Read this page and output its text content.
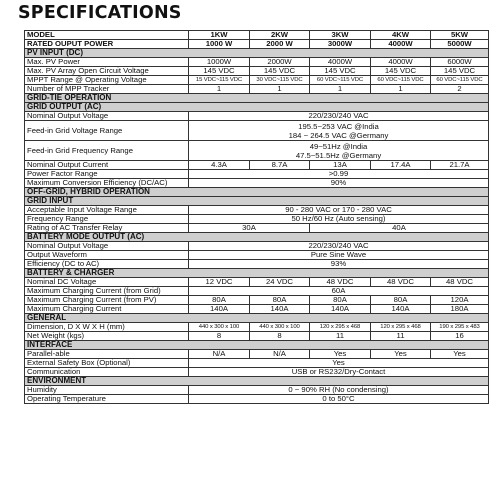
SPECIFICATIONS
MODEL	1KW	2KW	3KW	4KW	5KW
RATED OUPUT POWER	1000 W	2000 W	3000W	4000W	5000W
PV INPUT (DC)					
Max. PV Power	1000W	2000W	4000W	4000W	6000W
Max. PV Array Open Circuit Voltage	145 VDC	145 VDC	145 VDC	145 VDC	145 VDC
MPPT Range @ Operating Voltage	15 VDC~115 VDC	30 VDC~115 VDC	60 VDC~115 VDC	60 VDC~115 VDC	60 VDC~115 VDC
Number of MPP Tracker	1	1	1	1	2
GRID-TIE OPERATION					
GRID OUTPUT (AC)					
Nominal Output Voltage	220/230/240 VAC				
Feed-in Grid Voltage Range	195.5~253 VAC @India
184 ~ 264.5 VAC @Germany				

Feed-in Grid Frequency Range	49~51Hz @India
47.5~51.5Hz @Germany				

Nominal Output Current	4.3A	8.7A	13A	17.4A	21.7A
Power Factor Range	>0.99				
Maximum Conversion Efficiency (DC/AC)	90%				
OFF-GRID, HYBRID OPERATION					
GRID INPUT					
Acceptable Input Voltage Range	90 - 280 VAC or 170 - 280 VAC				
Frequency Range	50 Hz/60 Hz (Auto sensing)				
Rating of AC Transfer Relay	30A		40A		
BATTERY MODE OUTPUT (AC)					
Nominal Output Voltage	220/230/240 VAC				
Output Waveform	Pure Sine Wave				
Efficiency (DC to AC)	93%				
BATTERY & CHARGER					
Nominal DC Voltage	12 VDC	24 VDC	48 VDC	48 VDC	48 VDC
Maximum Charging Current (from Grid)	60A				
Maximum Charging Current (from PV)	80A	80A	80A	80A	120A
Maximum Charging Current	140A	140A	140A	140A	180A
GENERAL					
Dimension, D X W X H (mm)	440 x 300 x 100	440 x 300 x 100	120 x 295 x 468	120 x 295 x 468	190 x 295 x 483
Net Weight (kgs)	8	8	11	11	16
INTERFACE					
Parallel-able	N/A	N/A	Yes	Yes	Yes
External Safety Box (Optional)	Yes				
Communication	USB or RS232/Dry-Contact				
ENVIRONMENT					
Humidity	0 ~ 90% RH (No condensing)				
Operating Temperature	0 to 50°C				
